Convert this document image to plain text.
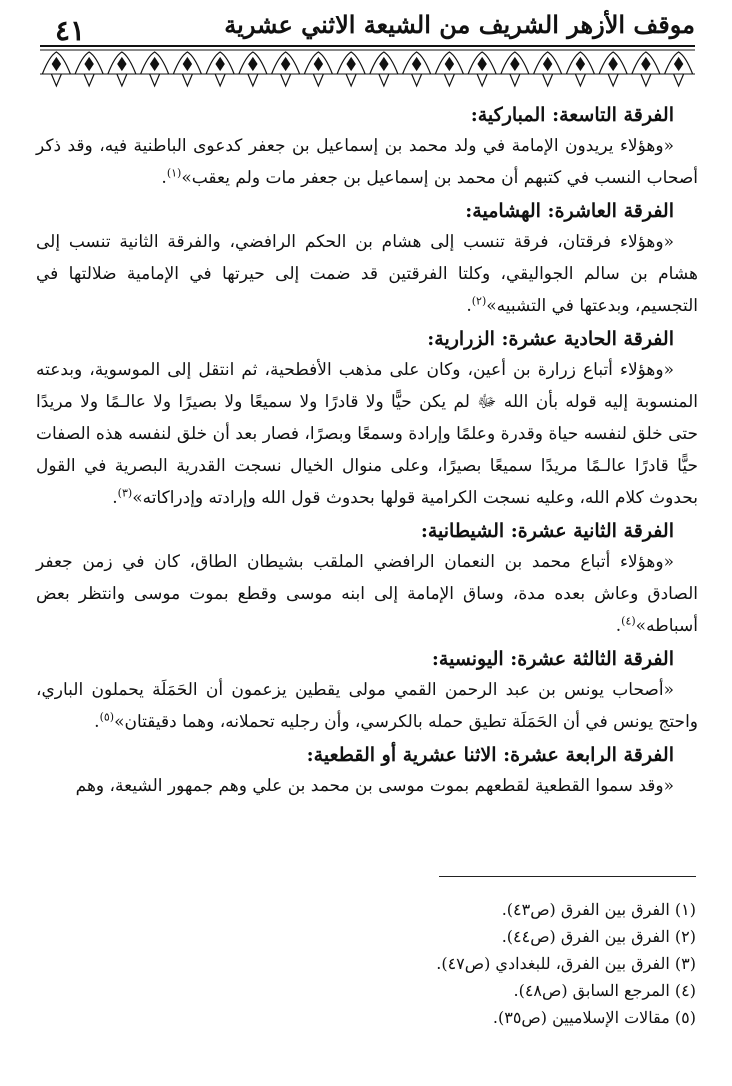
٤١	موقف الأزهر الشريف من الشيعة الاثني عشرية
الفرقة التاسعة: المباركية:

«وهؤلاء يريدون الإمامة في ولد محمد بن إسماعيل بن جعفر كدعوى الباطنية فيه، وقد ذكر أصحاب النسب في كتبهم أن محمد بن إسماعيل بن جعفر مات ولم يعقب»$^{(١)}$.

الفرقة العاشرة: الهشامية:

«وهؤلاء فرقتان، فرقة تنسب إلى هشام بن الحكم الرافضي، والفرقة الثانية تنسب إلى هشام بن سالم الجواليقي، وكلتا الفرقتين قد ضمت إلى حيرتها في الإمامية ضلالتها في التجسيم، وبدعتها في التشبيه»$^{(٢)}$.

الفرقة الحادية عشرة: الزرارية:

«وهؤلاء أتباع زرارة بن أعين، وكان على مذهب الأفطحية، ثم انتقل إلى الموسوية، وبدعته المنسوبة إليه قوله بأن الله ﷻ لم يكن حيًّا ولا قادرًا ولا سميعًا ولا بصيرًا ولا عالـمًا ولا مريدًا حتى خلق لنفسه حياة وقدرة وعلمًا وإرادة وسمعًا وبصرًا، فصار بعد أن خلق لنفسه هذه الصفات حيًّا قادرًا عالـمًا مريدًا سميعًا بصيرًا، وعلى منوال الخيال نسجت القدرية البصرية في القول بحدوث كلام الله، وعليه نسجت الكرامية قولها بحدوث قول الله وإرادته وإدراكاته»$^{(٣)}$.

الفرقة الثانية عشرة: الشيطانية:

«وهؤلاء أتباع محمد بن النعمان الرافضي الملقب بشيطان الطاق، كان في زمن جعفر الصادق وعاش بعده مدة، وساق الإمامة إلى ابنه موسى وقطع بموت موسى وانتظر بعض أسباطه»$^{(٤)}$.

الفرقة الثالثة عشرة: اليونسية:

«أصحاب يونس بن عبد الرحمن القمي مولى يقطين يزعمون أن الحَمَلَة يحملون الباري، واحتج يونس في أن الحَمَلَة تطيق حمله بالكرسي، وأن رجليه تحملانه، وهما دقيقتان»$^{(٥)}$.

الفرقة الرابعة عشرة: الاثنا عشرية أو القطعية:

«وقد سموا القطعية لقطعهم بموت موسى بن محمد بن علي وهم جمهور الشيعة، وهم

(١) الفرق بين الفرق (ص٤٣).
(٢) الفرق بين الفرق (ص٤٤).
(٣) الفرق بين الفرق، للبغدادي (ص٤٧).
(٤) المرجع السابق (ص٤٨).
(٥) مقالات الإسلاميين (ص٣٥).
